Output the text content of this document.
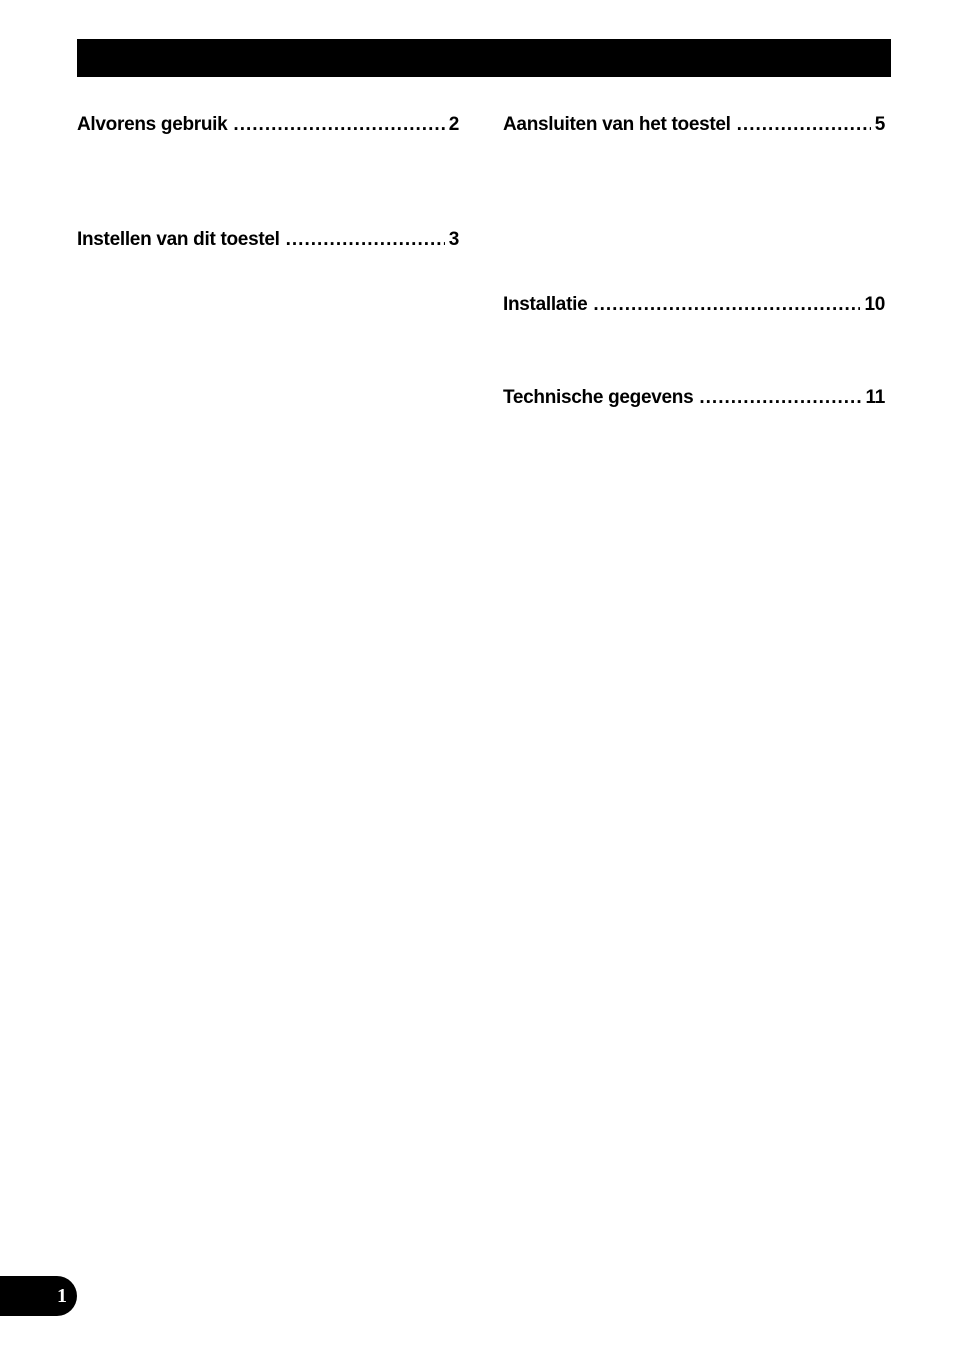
Alvorens gebruik .....	2
Instellen van dit toestel .....	3
Aansluiten van het toestel .....	5
Installatie .....	10
Technische gegevens .....	11
1
